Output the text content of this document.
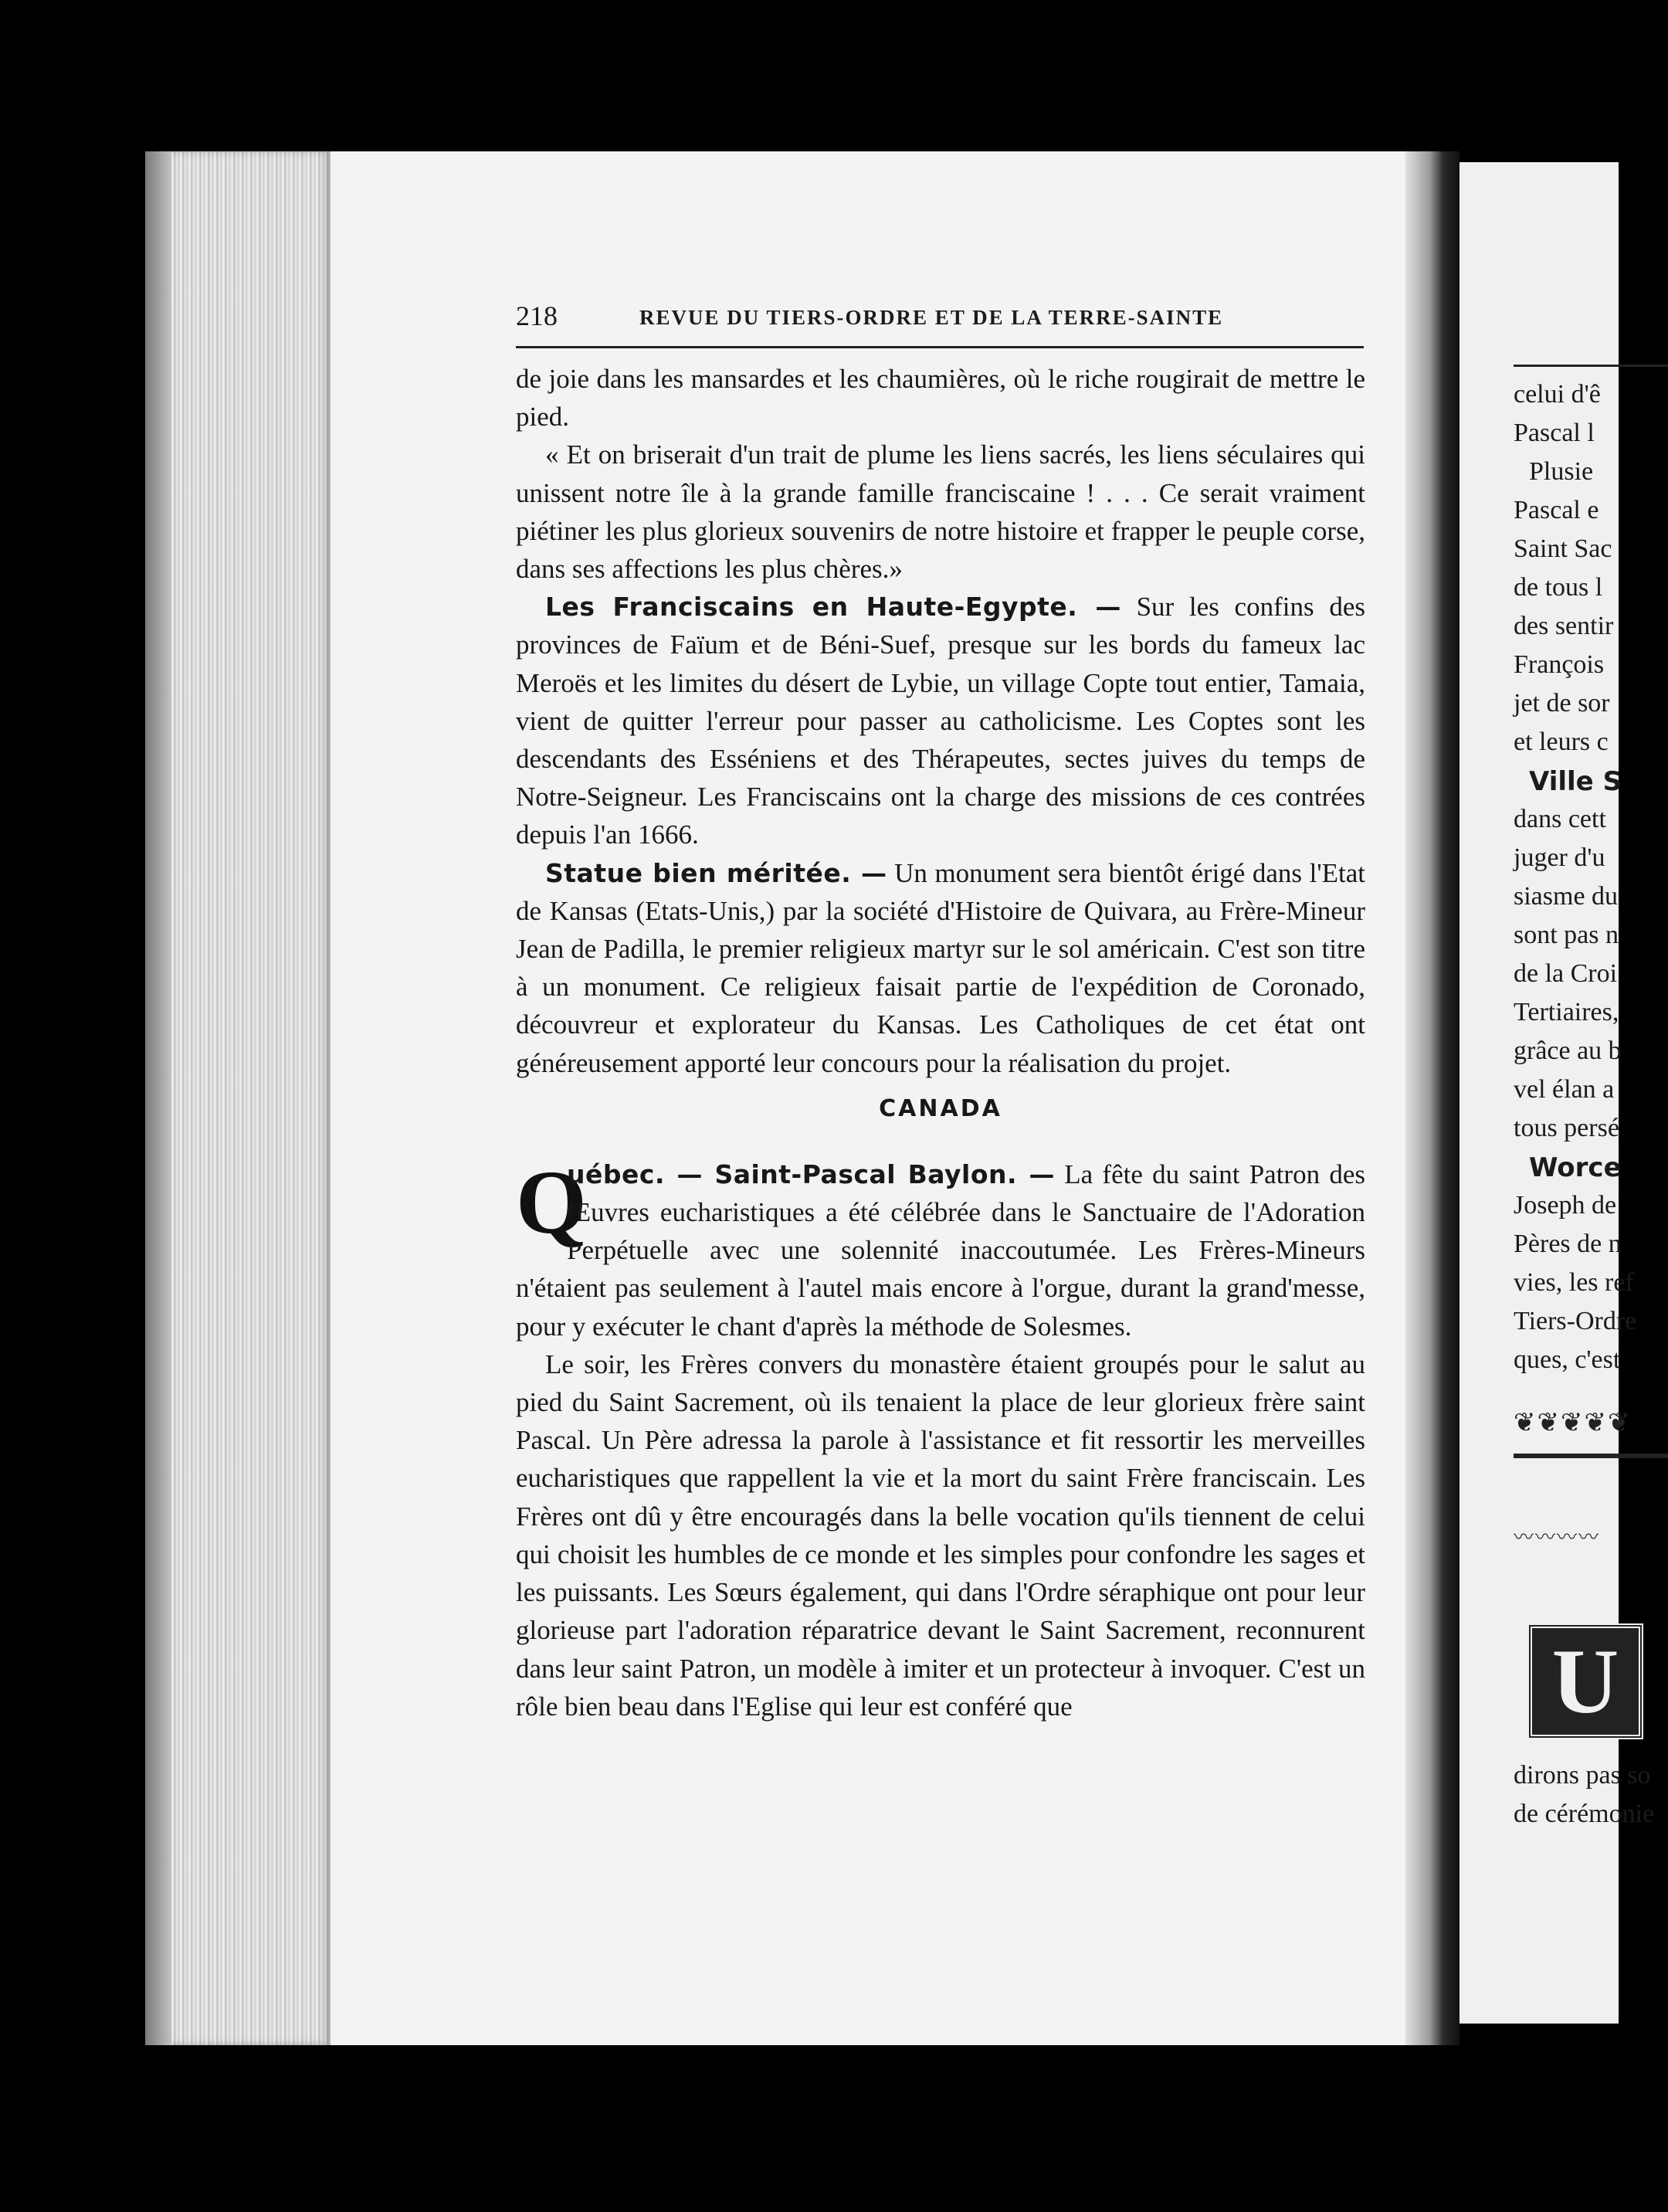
celui d'ê
Pascal l
Plusie
Pascal e
Saint Sac
de tous l
des sentir
François
jet de sor
et leurs c
Ville S
dans cett
juger d'u
siasme du
sont pas n
de la Croi
Tertiaires,
grâce au b
vel élan a
tous persé
Worce
Joseph de
Pères de n
vies, les ref
Tiers-Ordre
ques, c'est
❦❦❦❦❦
〰〰〰〰
U
dirons pas so
de cérémonie
218	REVUE DU TIERS-ORDRE ET DE LA TERRE-SAINTE

de joie dans les mansardes et les chaumières, où le riche rougirait de mettre le pied.

« Et on briserait d'un trait de plume les liens sacrés, les liens séculaires qui unissent notre île à la grande famille franciscaine ! . . . Ce serait vraiment piétiner les plus glorieux souvenirs de notre histoire et frapper le peuple corse, dans ses affections les plus chères.»

Les Franciscains en Haute-Egypte. — Sur les confins des provinces de Faïum et de Béni-Suef, presque sur les bords du fameux lac Meroës et les limites du désert de Lybie, un village Copte tout entier, Tamaia, vient de quitter l'erreur pour passer au catholicisme. Les Coptes sont les descendants des Esséniens et des Thérapeutes, sectes juives du temps de Notre-Seigneur. Les Franciscains ont la charge des missions de ces contrées depuis l'an 1666.

Statue bien méritée. — Un monument sera bientôt érigé dans l'Etat de Kansas (Etats-Unis,) par la société d'Histoire de Quivara, au Frère-Mineur Jean de Padilla, le premier religieux martyr sur le sol américain. C'est son titre à un monument. Ce religieux faisait partie de l'expédition de Coronado, découvreur et explorateur du Kansas. Les Catholiques de cet état ont généreusement apporté leur concours pour la réalisation du projet.

CANADA

Q
uébec. — Saint-Pascal Baylon. — La fête du saint Patron des Œuvres eucharistiques a été célébrée dans le Sanctuaire de l'Adoration Perpétuelle avec une solennité inaccoutumée. Les Frères-Mineurs n'étaient pas seulement à l'autel mais encore à l'orgue, durant la grand'messe, pour y exécuter le chant d'après la méthode de Solesmes.

Le soir, les Frères convers du monastère étaient groupés pour le salut au pied du Saint Sacrement, où ils tenaient la place de leur glorieux frère saint Pascal. Un Père adressa la parole à l'assistance et fit ressortir les merveilles eucharistiques que rappellent la vie et la mort du saint Frère franciscain. Les Frères ont dû y être encouragés dans la belle vocation qu'ils tiennent de celui qui choisit les humbles de ce monde et les simples pour confondre les sages et les puissants. Les Sœurs également, qui dans l'Ordre séraphique ont pour leur glorieuse part l'adoration réparatrice devant le Saint Sacrement, reconnurent dans leur saint Patron, un modèle à imiter et un protecteur à invoquer. C'est un rôle bien beau dans l'Eglise qui leur est conféré que
